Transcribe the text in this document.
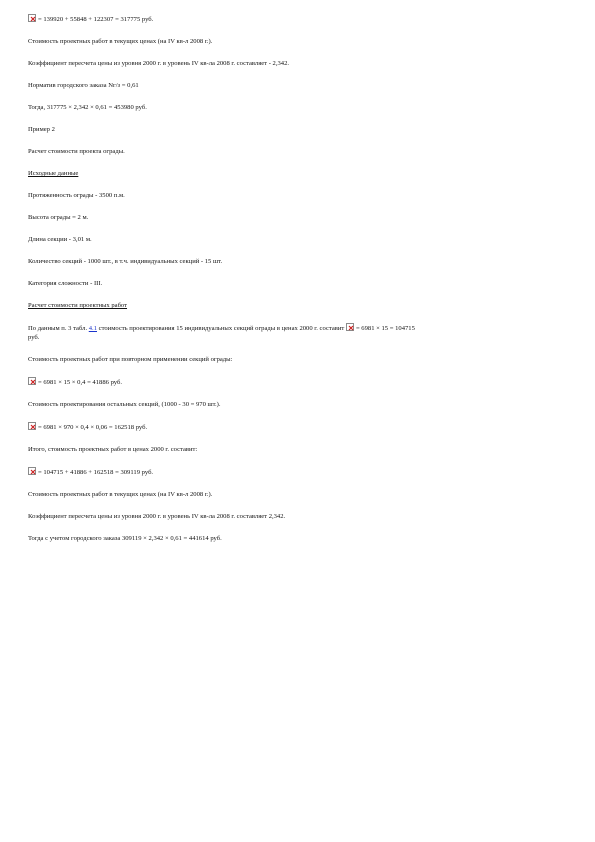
= 139920 + 55848 + 122307 = 317775 руб.

Стоимость проектных работ в текущих ценах (на IV кв-л 2008 г.).

Коэффициент пересчета цены из уровня 2000 г. в уровень IV кв-ла 2008 г. составляет - 2,342.

Норматив городского заказа Nг/з = 0,61

Тогда, 317775 × 2,342 × 0,61 = 453980 руб.

Пример 2

Расчет стоимости проекта ограды.

Исходные данные

Протяженность ограды - 3500 п.м.

Высота ограды = 2 м.

Длина секции - 3,01 м.

Количество секций - 1000 шт., в т.ч. индивидуальных секций - 15 шт.

Категория сложности - III.

Расчет стоимости проектных работ

По данным п. 3 табл. 4.1 стоимость проектирования 15 индивидуальных секций ограды в ценах 2000 г. составит
= 6981 × 15 = 104715
руб.

Стоимость проектных работ при повторном применении секций ограды:

= 6981 × 15 × 0,4 = 41886 руб.

Стоимость проектирования остальных секций, (1000 - 30 = 970 шт.).

= 6981 × 970 × 0,4 × 0,06 = 162518 руб.

Итого, стоимость проектных работ в ценах 2000 г. составит:

= 104715 + 41886 + 162518 = 309119 руб.

Стоимость проектных работ в текущих ценах (на IV кв-л 2008 г.).

Коэффициент пересчета цены из уровня 2000 г. в уровень IV кв-ла 2008 г. составляет 2,342.

Тогда с учетом городского заказа 309119 × 2,342 × 0,61 = 441614 руб.
